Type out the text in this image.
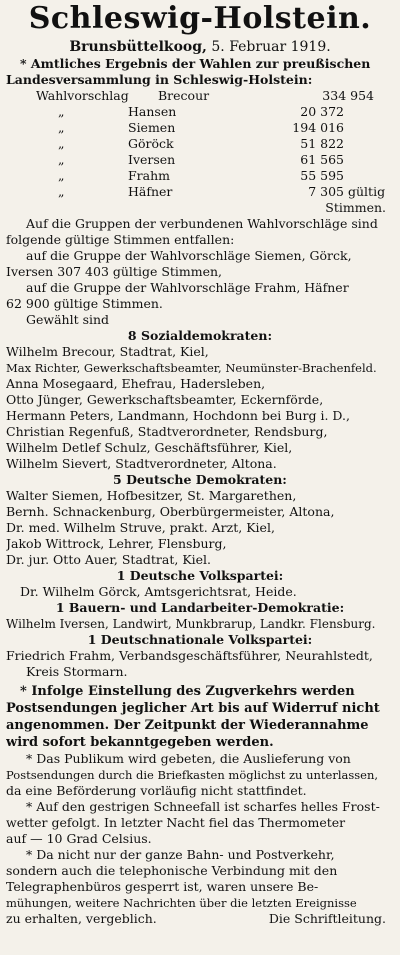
Schleswig-Holstein.
Brunsbüttelkoog, 5. Februar 1919.

* Amtliches Ergebnis der Wahlen zur preußischen

Landesversammlung in Schleswig-Holstein:

Wahlvorschlag	Brecour	334 954
„	Hansen	20 372
„	Siemen	194 016
„	Göröck	51 822
„	Iversen	61 565
„	Frahm	55 595
„	Häfner	7 305 gültig

Stimmen.

Auf die Gruppen der verbundenen Wahlvorschläge sind

folgende gültige Stimmen entfallen:

auf die Gruppe der Wahlvorschläge Siemen, Görck,

Iversen 307 403 gültige Stimmen,

auf die Gruppe der Wahlvorschläge Frahm, Häfner

62 900 gültige Stimmen.

Gewählt sind

8 Sozialdemokraten:

Wilhelm Brecour, Stadtrat, Kiel,

Max Richter, Gewerkschaftsbeamter, Neumünster-Brachenfeld.

Anna Mosegaard, Ehefrau, Hadersleben,

Otto Jünger, Gewerkschaftsbeamter, Eckernförde,

Hermann Peters, Landmann, Hochdonn bei Burg i. D.,

Christian Regenfuß, Stadtverordneter, Rendsburg,

Wilhelm Detlef Schulz, Geschäftsführer, Kiel,

Wilhelm Sievert, Stadtverordneter, Altona.

5 Deutsche Demokraten:

Walter Siemen, Hofbesitzer, St. Margarethen,

Bernh. Schnackenburg, Oberbürgermeister, Altona,

Dr. med. Wilhelm Struve, prakt. Arzt, Kiel,

Jakob Wittrock, Lehrer, Flensburg,

Dr. jur. Otto Auer, Stadtrat, Kiel.

1 Deutsche Volkspartei:

Dr. Wilhelm Görck, Amtsgerichtsrat, Heide.

1 Bauern- und Landarbeiter-Demokratie:

Wilhelm Iversen, Landwirt, Munkbrarup, Landkr. Flensburg.

1 Deutschnationale Volkspartei:

Friedrich Frahm, Verbandsgeschäftsführer, Neurahlstedt,

Kreis Stormarn.

* Infolge Einstellung des Zugverkehrs werden

Postsendungen jeglicher Art bis auf Widerruf nicht

angenommen. Der Zeitpunkt der Wiederannahme

wird sofort bekanntgegeben werden.

* Das Publikum wird gebeten, die Auslieferung von

Postsendungen durch die Briefkasten möglichst zu unterlassen,

da eine Beförderung vorläufig nicht stattfindet.

* Auf den gestrigen Schneefall ist scharfes helles Frost-

wetter gefolgt. In letzter Nacht fiel das Thermometer

auf — 10 Grad Celsius.

* Da nicht nur der ganze Bahn- und Postverkehr,

sondern auch die telephonische Verbindung mit den

Telegraphenbüros gesperrt ist, waren unsere Be-

mühungen, weitere Nachrichten über die letzten Ereignisse

zu erhalten, vergeblich.	Die Schriftleitung.
